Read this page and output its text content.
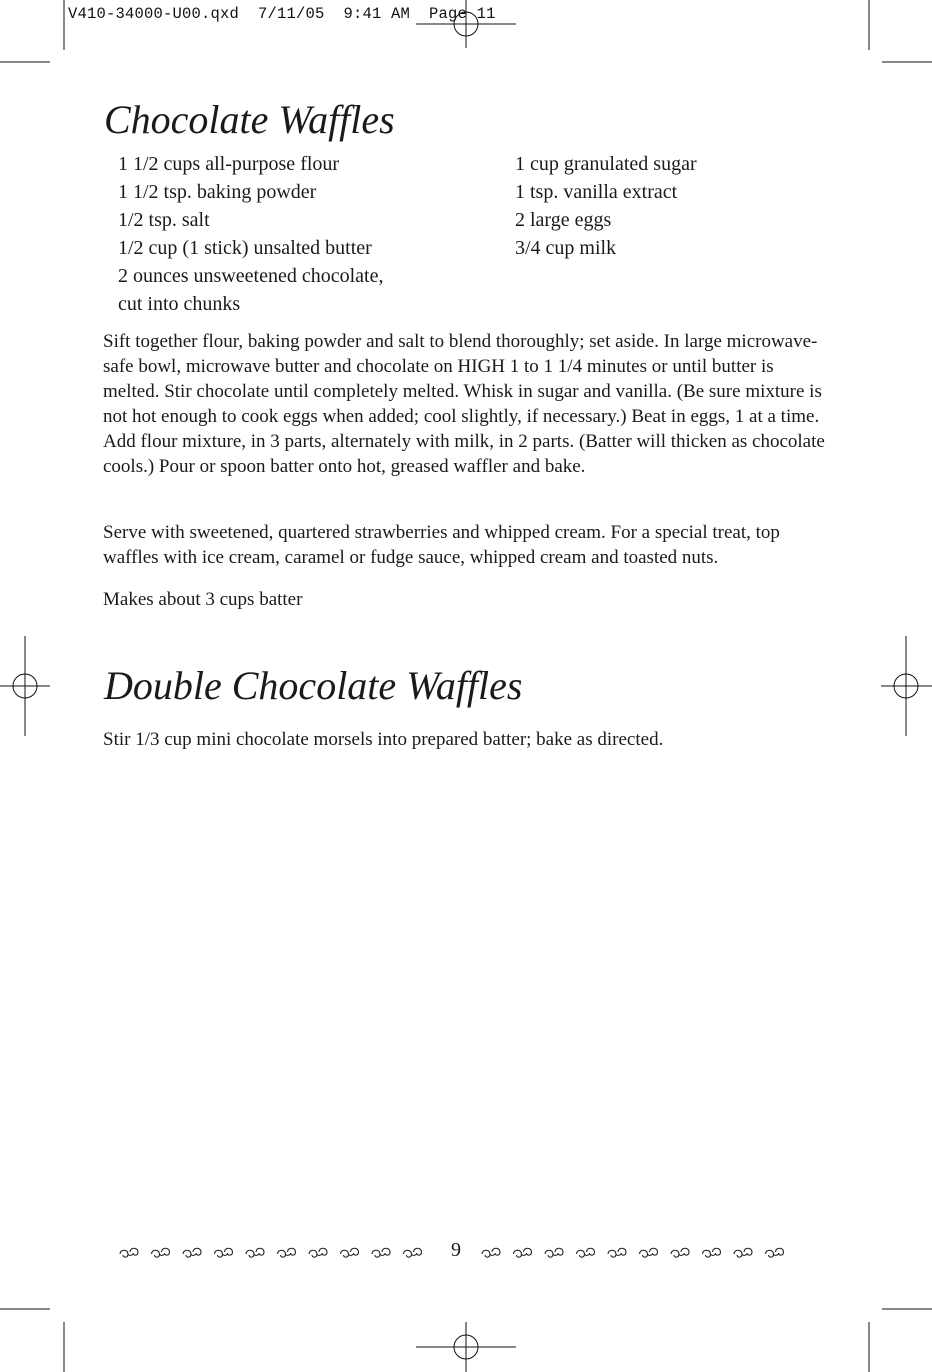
V410-34000-U00.qxd  7/11/05  9:41 AM  Page 11
Chocolate Waffles
1 1/2 cups all-purpose flour
1 1/2 tsp. baking powder
1/2 tsp. salt
1/2 cup (1 stick) unsalted butter
2 ounces unsweetened chocolate,
cut into chunks
1 cup granulated sugar
1 tsp. vanilla extract
2 large eggs
3/4 cup milk

Sift together flour, baking powder and salt to blend thoroughly; set aside. In large microwave-safe bowl, microwave butter and chocolate on HIGH 1 to 1 1/4 minutes or until butter is melted. Stir chocolate until completely melted. Whisk in sugar and vanilla. (Be sure mixture is not hot enough to cook eggs when added; cool slightly, if necessary.) Beat in eggs, 1 at a time. Add flour mixture, in 3 parts, alternately with milk, in 2 parts. (Batter will thicken as chocolate cools.) Pour or spoon batter onto hot, greased waffler and bake.

Serve with sweetened, quartered strawberries and whipped cream. For a special treat, top waffles with ice cream, caramel or fudge sauce, whipped cream and toasted nuts.

Makes about 3 cups batter

Double Chocolate Waffles

Stir 1/3 cup mini chocolate morsels into prepared batter; bake as directed.

9
